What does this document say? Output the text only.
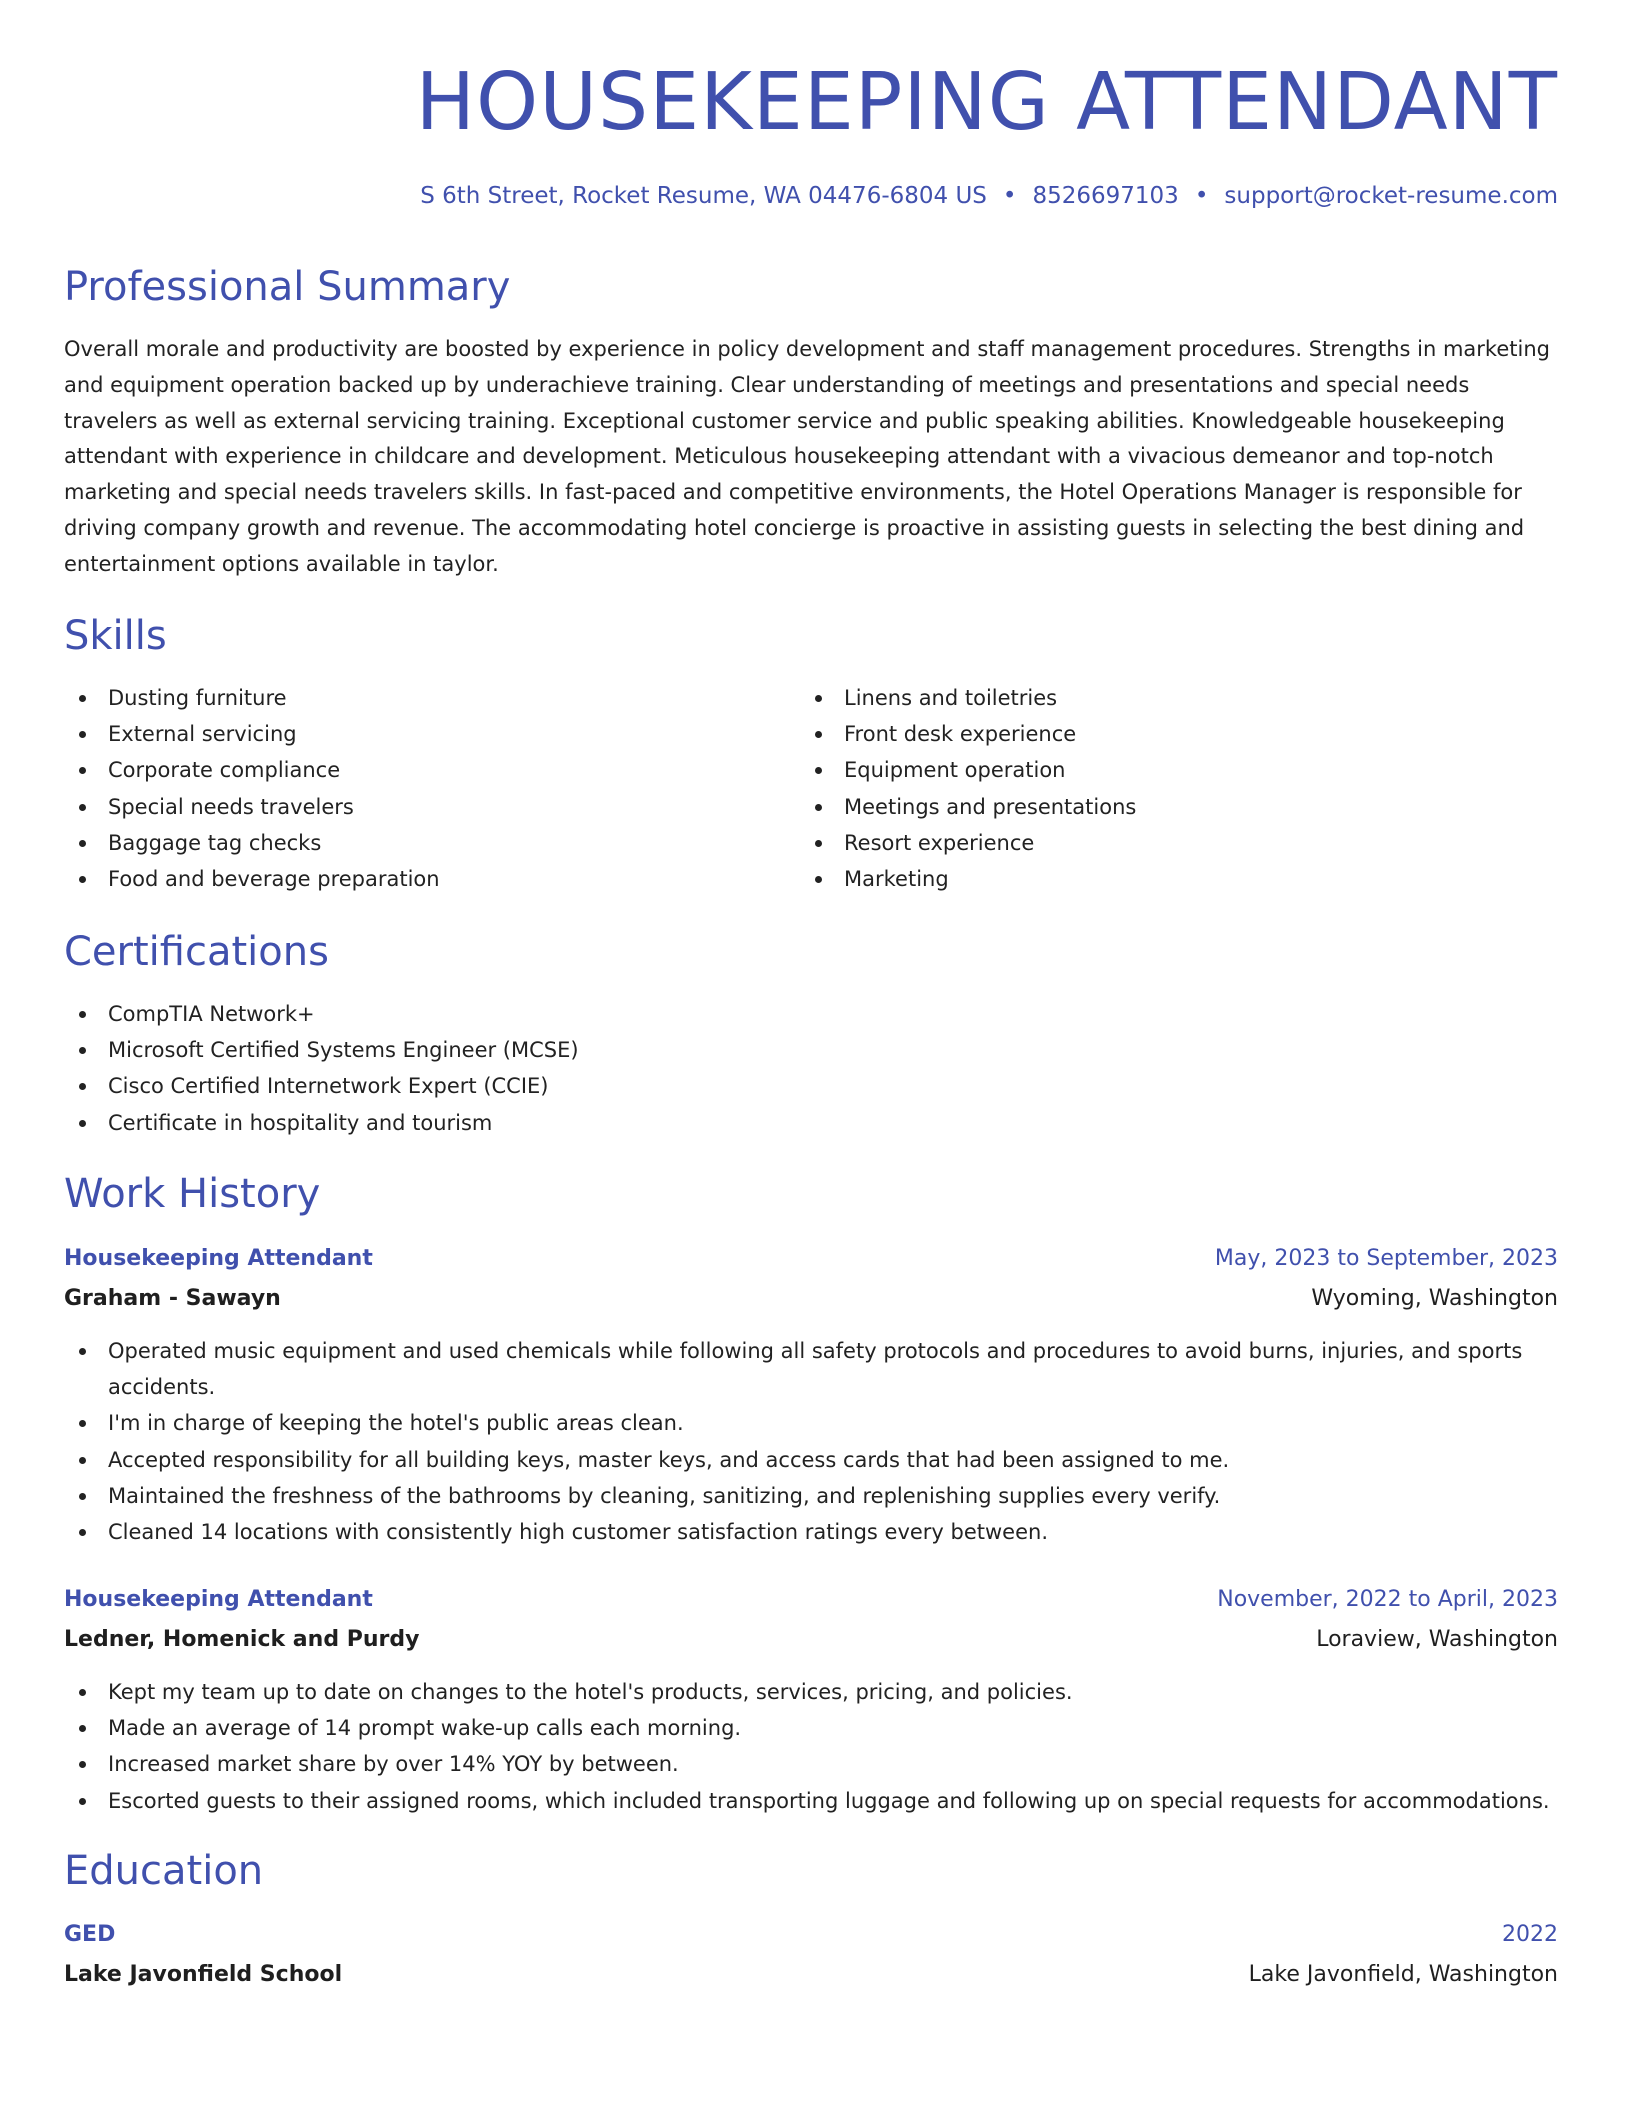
HOUSEKEEPING ATTENDANT
S 6th Street, Rocket Resume, WA 04476-6804 US • 8526697103 • support@rocket-resume.com
Professional Summary

Overall morale and productivity are boosted by experience in policy development and staff management procedures. Strengths in marketing and equipment operation backed up by underachieve training. Clear understanding of meetings and presentations and special needs travelers as well as external servicing training. Exceptional customer service and public speaking abilities. Knowledgeable housekeeping attendant with experience in childcare and development. Meticulous housekeeping attendant with a vivacious demeanor and top-notch marketing and special needs travelers skills. In fast-paced and competitive environments, the Hotel Operations Manager is responsible for driving company growth and revenue. The accommodating hotel concierge is proactive in assisting guests in selecting the best dining and entertainment options available in taylor.

Skills
Dusting furniture
External servicing
Corporate compliance
Special needs travelers
Baggage tag checks
Food and beverage preparation
Linens and toiletries
Front desk experience
Equipment operation
Meetings and presentations
Resort experience
Marketing
Certifications
CompTIA Network+
Microsoft Certified Systems Engineer (MCSE)
Cisco Certified Internetwork Expert (CCIE)
Certificate in hospitality and tourism
Work History
Housekeeping Attendant	May, 2023 to September, 2023
Graham - Sawayn	Wyoming, Washington
Operated music equipment and used chemicals while following all safety protocols and procedures to avoid burns, injuries, and sports accidents.
I'm in charge of keeping the hotel's public areas clean.
Accepted responsibility for all building keys, master keys, and access cards that had been assigned to me.
Maintained the freshness of the bathrooms by cleaning, sanitizing, and replenishing supplies every verify.
Cleaned 14 locations with consistently high customer satisfaction ratings every between.
Housekeeping Attendant	November, 2022 to April, 2023
Ledner, Homenick and Purdy	Loraview, Washington
Kept my team up to date on changes to the hotel's products, services, pricing, and policies.
Made an average of 14 prompt wake-up calls each morning.
Increased market share by over 14% YOY by between.
Escorted guests to their assigned rooms, which included transporting luggage and following up on special requests for accommodations.
Education
GED	2022
Lake Javonfield School	Lake Javonfield, Washington
